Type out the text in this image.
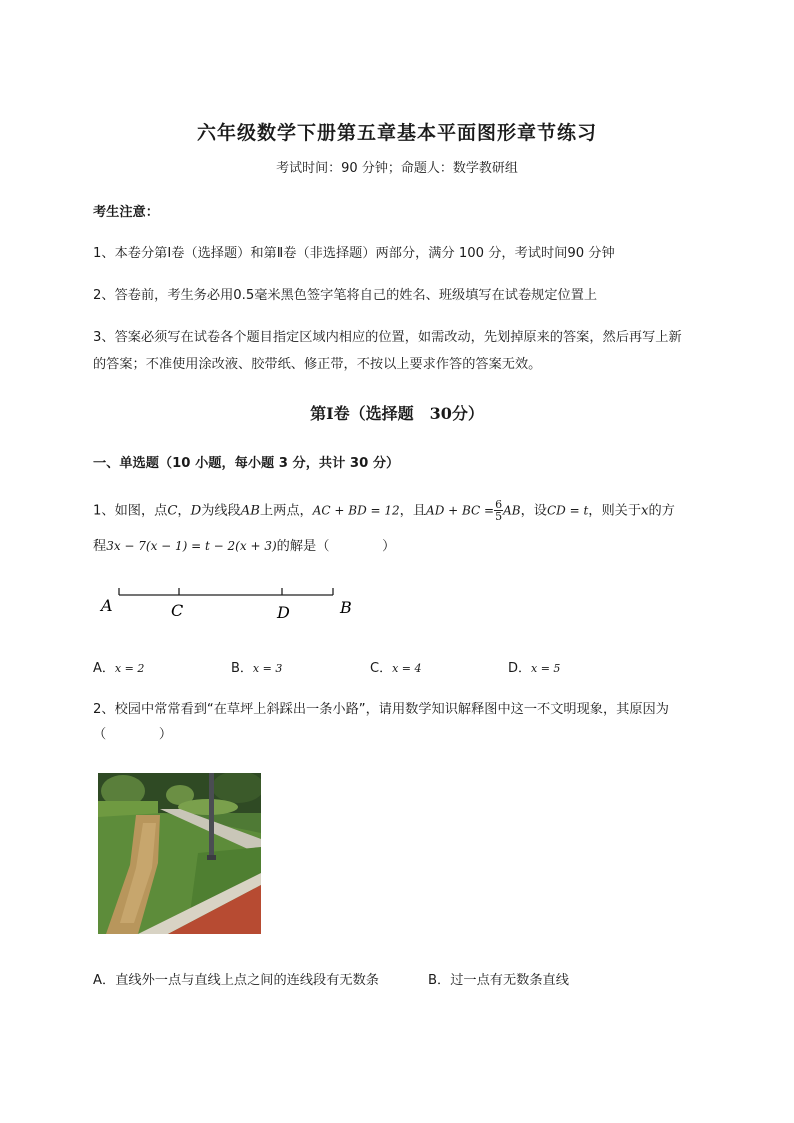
六年级数学下册第五章基本平面图形章节练习
考试时间：90 分钟；命题人：数学教研组
考生注意：
1、本卷分第Ⅰ卷（选择题）和第Ⅱ卷（非选择题）两部分，满分 100 分，考试时间90 分钟
2、答卷前，考生务必用0.5毫米黑色签字笔将自己的姓名、班级填写在试卷规定位置上
3、答案必须写在试卷各个题目指定区域内相应的位置，如需改动，先划掉原来的答案，然后再写上新
的答案；不准使用涂改液、胶带纸、修正带，不按以上要求作答的答案无效。
第Ⅰ卷（选择题　30分）
一、单选题（10 小题，每小题 3 分，共计 30 分）
1、如图，点C，D为线段AB上两点，AC + BD = 12，且AD + BC = $\frac{6}{5}$ AB，设CD = t，则关于x的方
程3x − 7(x − 1) = t − 2(x + 3)的解是（　　　　）
A	C	D	B
A．x = 2	B．x = 3	C．x = 4	D．x = 5
2、校园中常常看到“在草坪上斜踩出一条小路”，请用数学知识解释图中这一不文明现象，其原因为
（　　　　）
A．直线外一点与直线上点之间的连线段有无数条	B．过一点有无数条直线
